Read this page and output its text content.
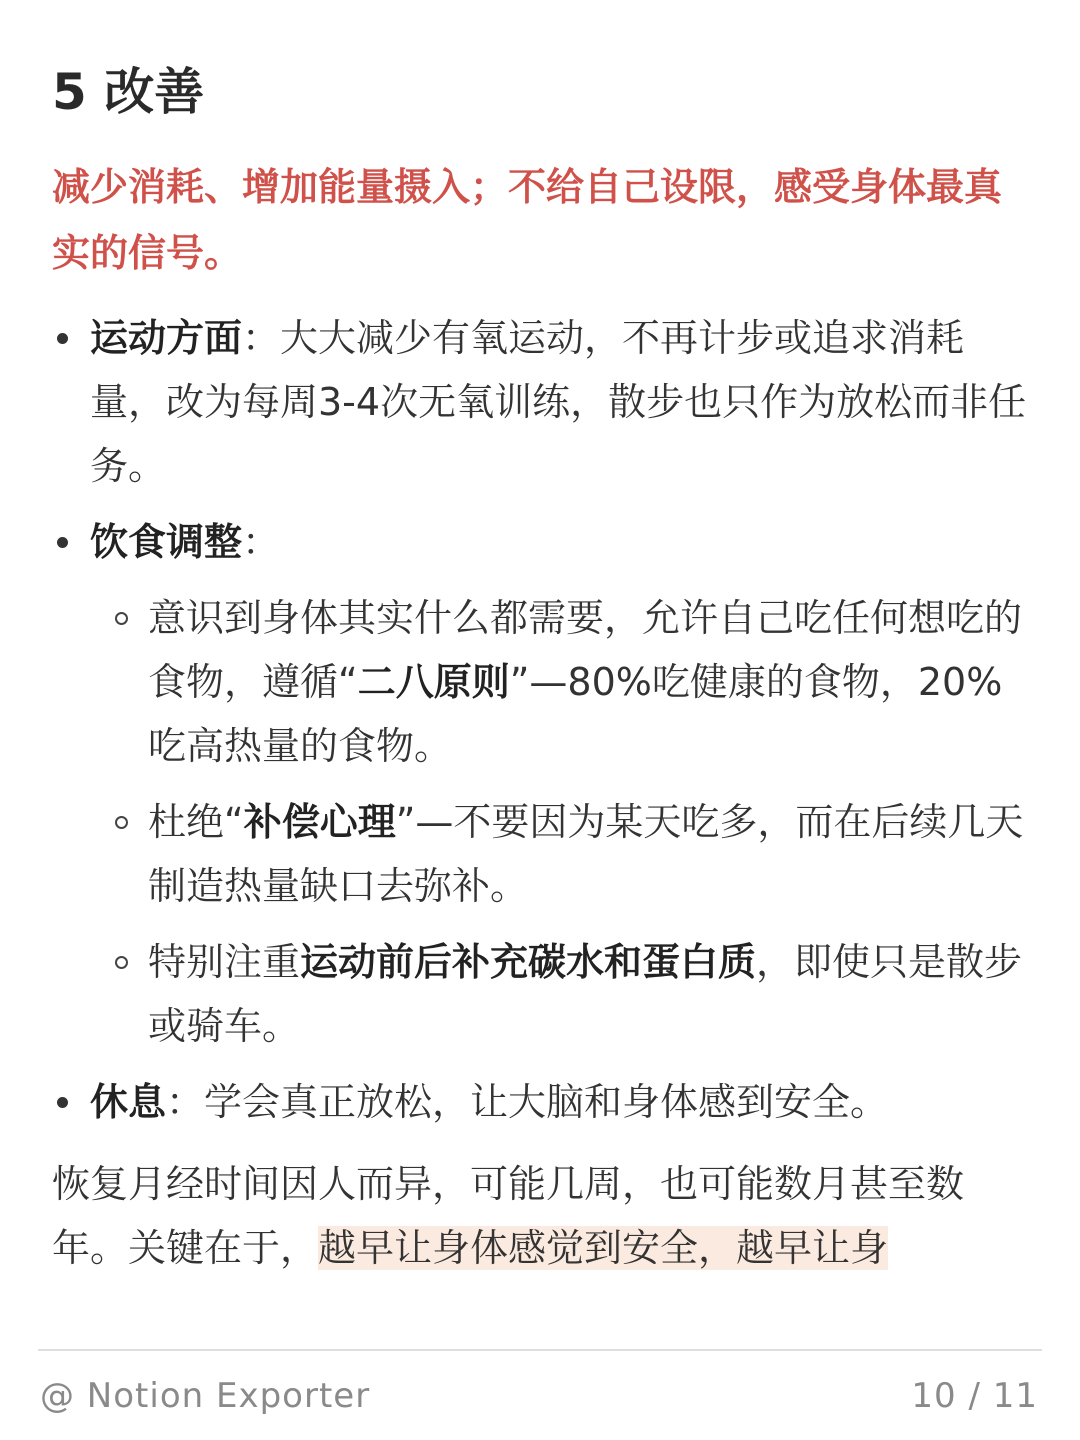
5 改善
减少消耗、增加能量摄入；不给自己设限，感受身体最真实的信号。
运动方面：大大减少有氧运动，不再计步或追求消耗量，改为每周3-4次无氧训练，散步也只作为放松而非任务。
饮食调整：
意识到身体其实什么都需要，允许自己吃任何想吃的食物，遵循“二八原则”—80%吃健康的食物，20%吃高热量的食物。
杜绝“补偿心理”—不要因为某天吃多，而在后续几天制造热量缺口去弥补。
特别注重运动前后补充碳水和蛋白质，即使只是散步或骑车。
休息：学会真正放松，让大脑和身体感到安全。

恢复月经时间因人而异，可能几周，也可能数月甚至数年。关键在于，越早让身体感觉到安全，越早让身

@ Notion Exporter	10 / 11
